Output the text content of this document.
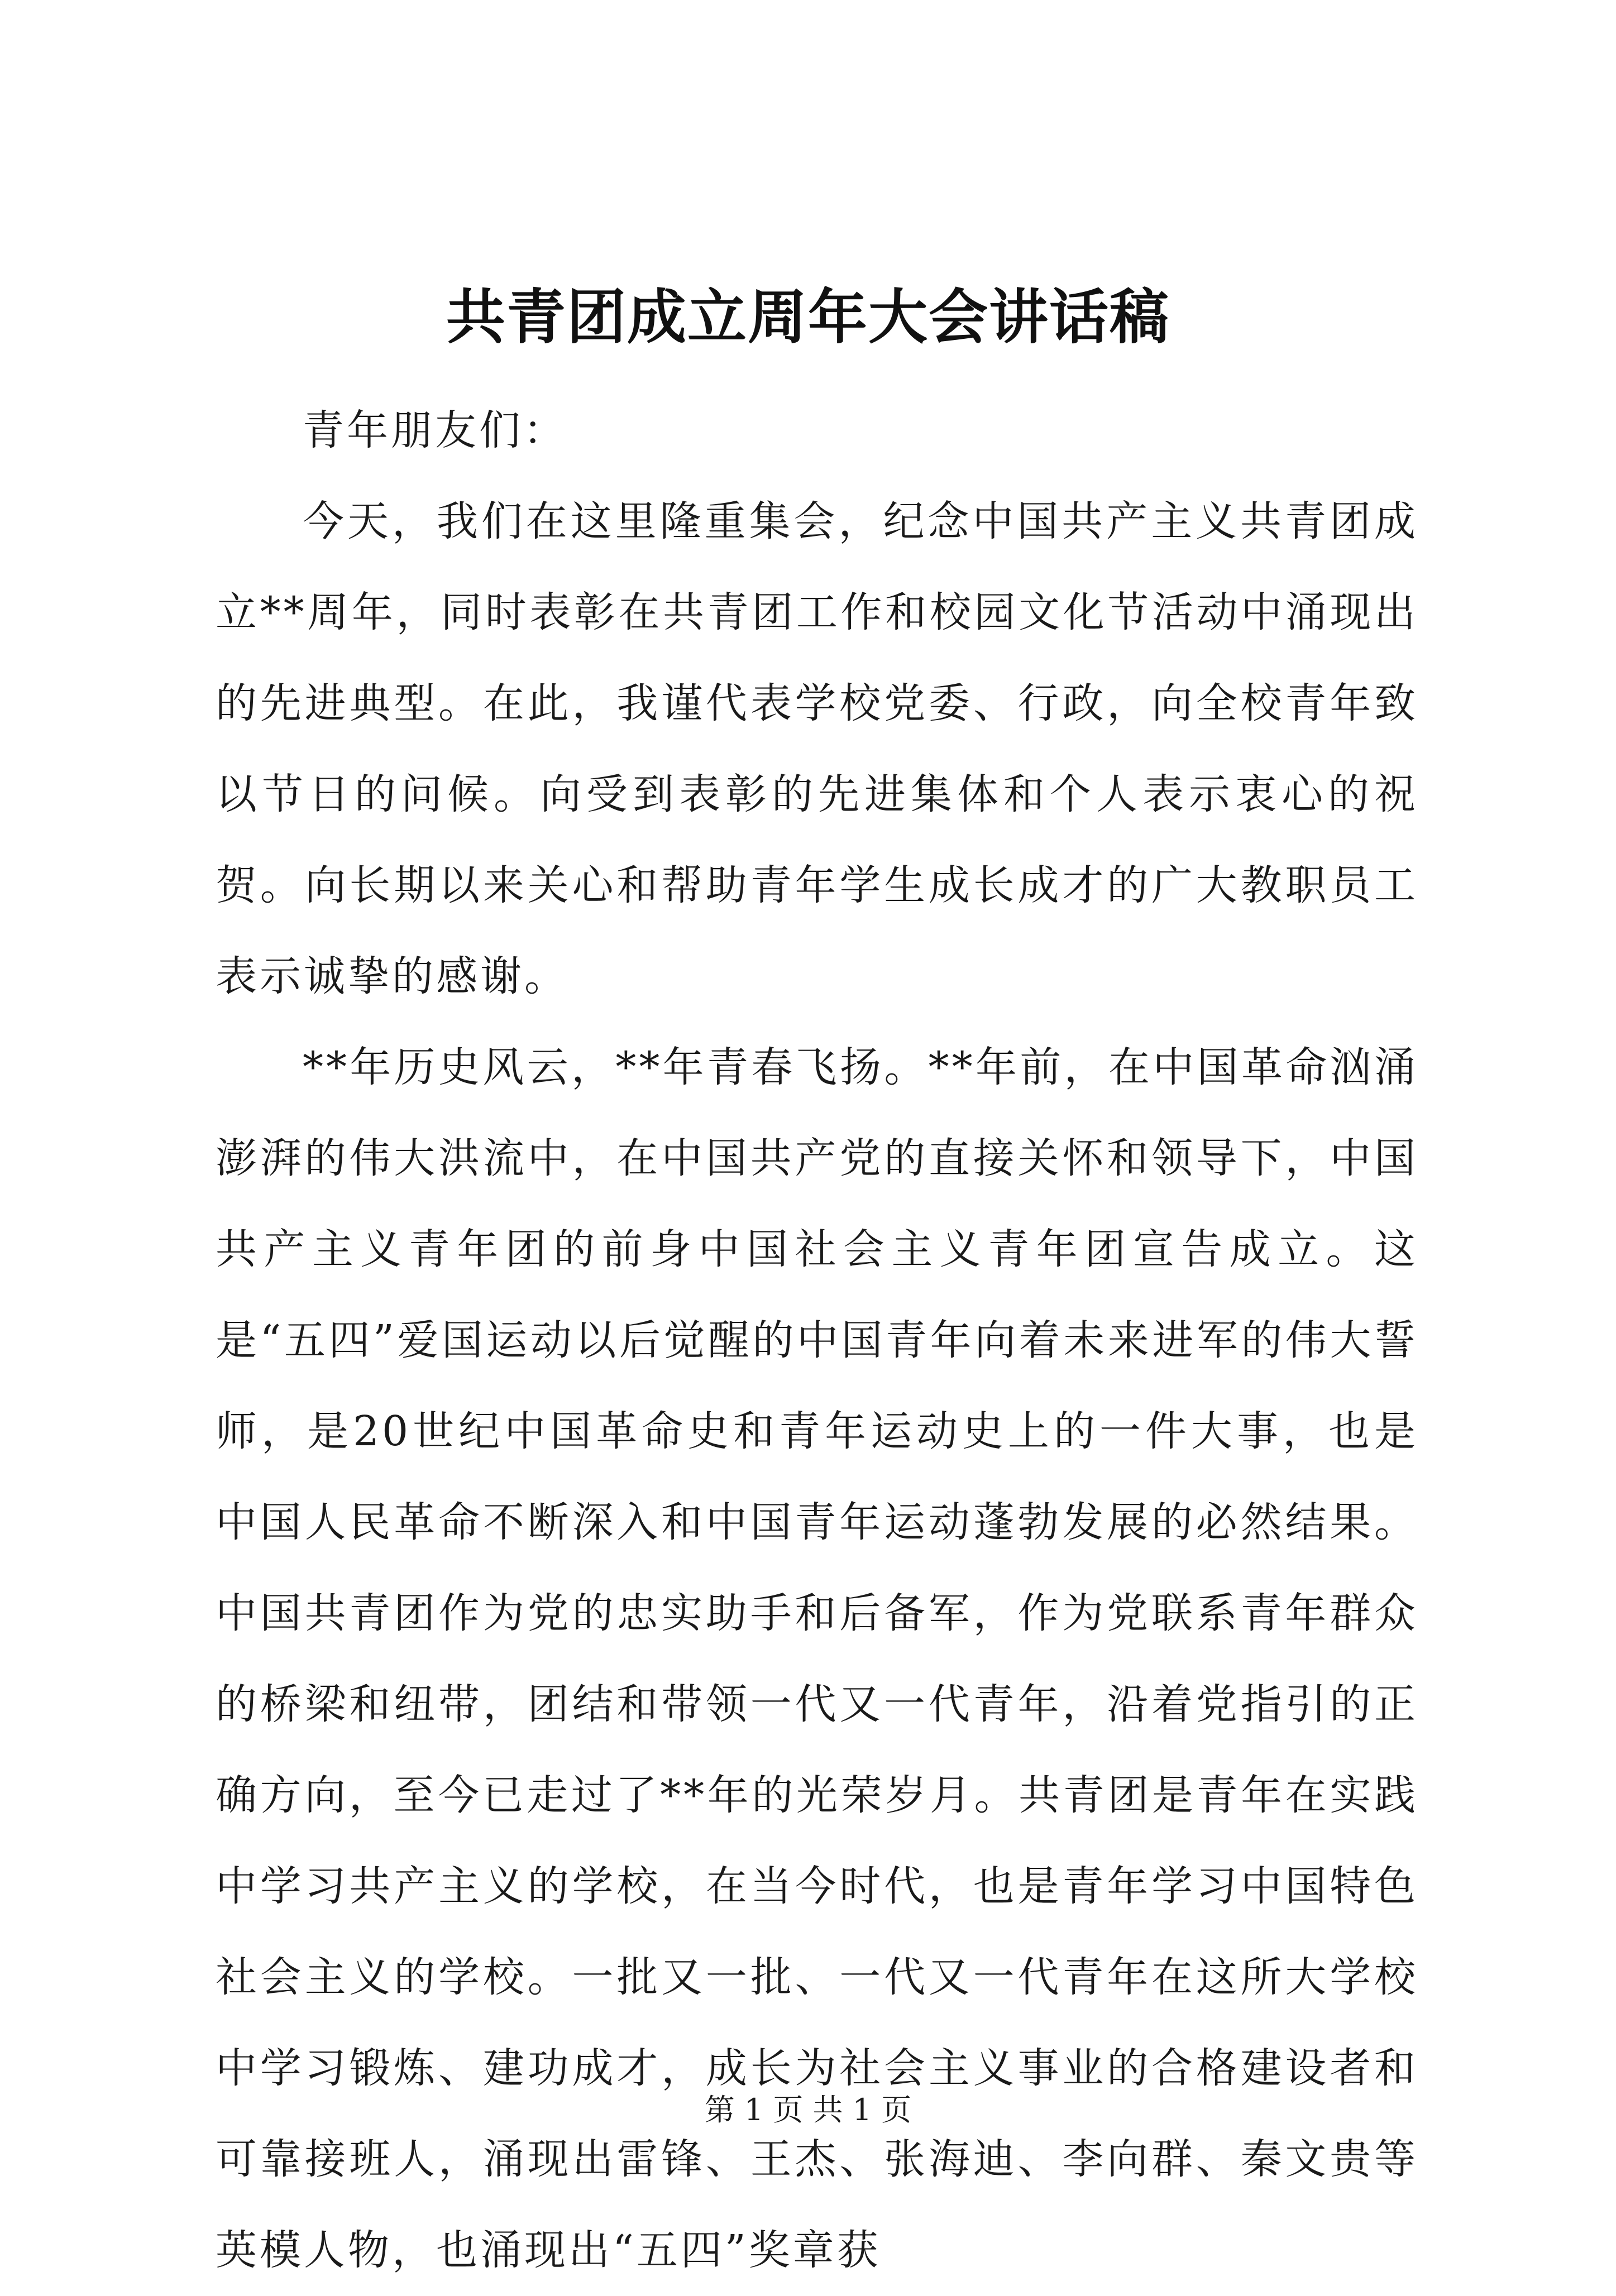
共青团成立周年大会讲话稿

青年朋友们：

今天，我们在这里隆重集会，纪念中国共产主义共青团成立**周年，同时表彰在共青团工作和校园文化节活动中涌现出的先进典型。在此，我谨代表学校党委、行政，向全校青年致以节日的问候。向受到表彰的先进集体和个人表示衷心的祝贺。向长期以来关心和帮助青年学生成长成才的广大教职员工表示诚挚的感谢。

**年历史风云，**年青春飞扬。**年前，在中国革命汹涌澎湃的伟大洪流中，在中国共产党的直接关怀和领导下，中国共产主义青年团的前身中国社会主义青年团宣告成立。这是“五四”爱国运动以后觉醒的中国青年向着未来进军的伟大誓师，是20世纪中国革命史和青年运动史上的一件大事，也是中国人民革命不断深入和中国青年运动蓬勃发展的必然结果。中国共青团作为党的忠实助手和后备军，作为党联系青年群众的桥梁和纽带，团结和带领一代又一代青年，沿着党指引的正确方向，至今已走过了**年的光荣岁月。共青团是青年在实践中学习共产主义的学校，在当今时代，也是青年学习中国特色社会主义的学校。一批又一批、一代又一代青年在这所大学校中学习锻炼、建功成才，成长为社会主义事业的合格建设者和可靠接班人，涌现出雷锋、王杰、张海迪、李向群、秦文贵等英模人物，也涌现出“五四”奖章获

第 1 页 共 1 页
